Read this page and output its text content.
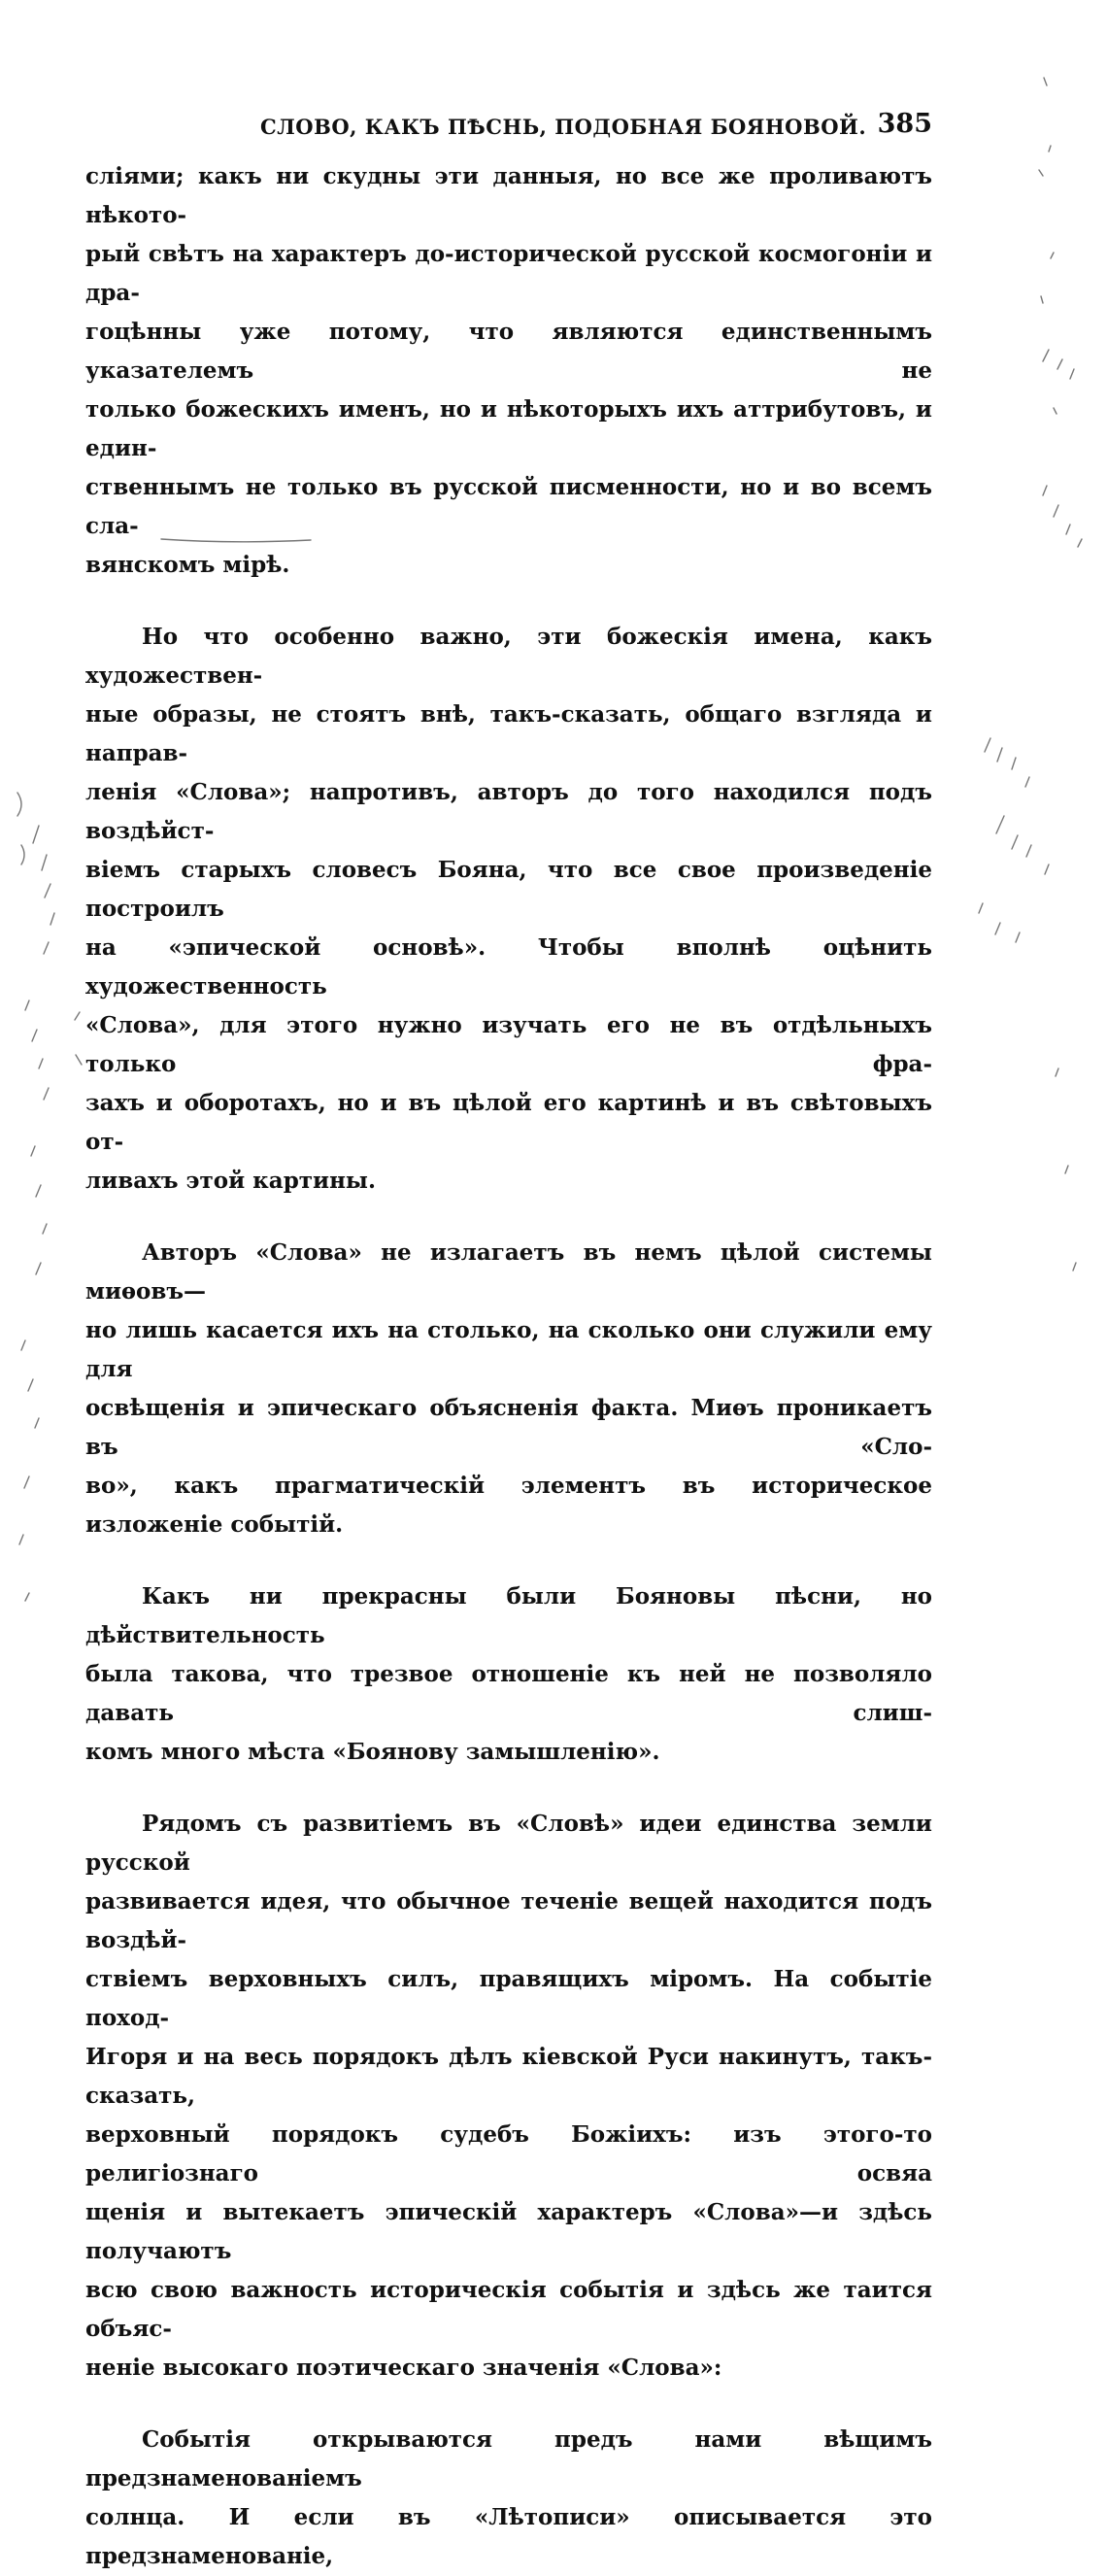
СЛОВО, КАКЪ ПѢСНЬ, ПОДОБНАЯ БОЯНОВОЙ. 385

сліями; какъ ни скудны эти данныя, но все же проливаютъ нѣкото-
рый свѣтъ на характеръ до-исторической русской космогоніи и дра-
гоцѣнны уже потому, что являются единственнымъ указателемъ не
только божескихъ именъ, но и нѣкоторыхъ ихъ аттрибутовъ, и един-
ственнымъ не только въ русской писменности, но и во всемъ сла-
вянскомъ мірѣ.

Но что особенно важно, эти божескія имена, какъ художествен-
ные образы, не стоятъ внѣ, такъ-сказать, общаго взгляда и направ-
ленія «Слова»; напротивъ, авторъ до того находился подъ воздѣйст-
віемъ старыхъ словесъ Бояна, что все свое произведеніе построилъ
на «эпической основѣ». Чтобы вполнѣ оцѣнить художественность
«Слова», для этого нужно изучать его не въ отдѣльныхъ только фра-
захъ и оборотахъ, но и въ цѣлой его картинѣ и въ свѣтовыхъ от-
ливахъ этой картины.

Авторъ «Слова» не излагаетъ въ немъ цѣлой системы миѳовъ—
но лишь касается ихъ на столько, на сколько они служили ему для
освѣщенія и эпическаго объясненія факта. Миѳъ проникаетъ въ «Сло-
во», какъ прагматическій элементъ въ историческое изложеніе событій.

Какъ ни прекрасны были Бояновы пѣсни, но дѣйствительность
была такова, что трезвое отношеніе къ ней не позволяло давать слиш-
комъ много мѣста «Боянову замышленію».

Рядомъ съ развитіемъ въ «Словѣ» идеи единства земли русской
развивается идея, что обычное теченіе вещей находится подъ воздѣй-
ствіемъ верховныхъ силъ, правящихъ міромъ. На событіе поход-
Игоря и на весь порядокъ дѣлъ кіевской Руси накинутъ, такъ-сказать,
верховный порядокъ судебъ Божіихъ: изъ этого-то религіознаго освяа
щенія и вытекаетъ эпическій характеръ «Слова»—и здѣсь получаютъ
всю свою важность историческія событія и здѣсь же таится объяс-
неніе высокаго поэтическаго значенія «Слова»:

Событія открываются предъ нами вѣщимъ предзнаменованіемъ
солнца. И если въ «Лѣтописи» описывается это предзнаменованіе,
